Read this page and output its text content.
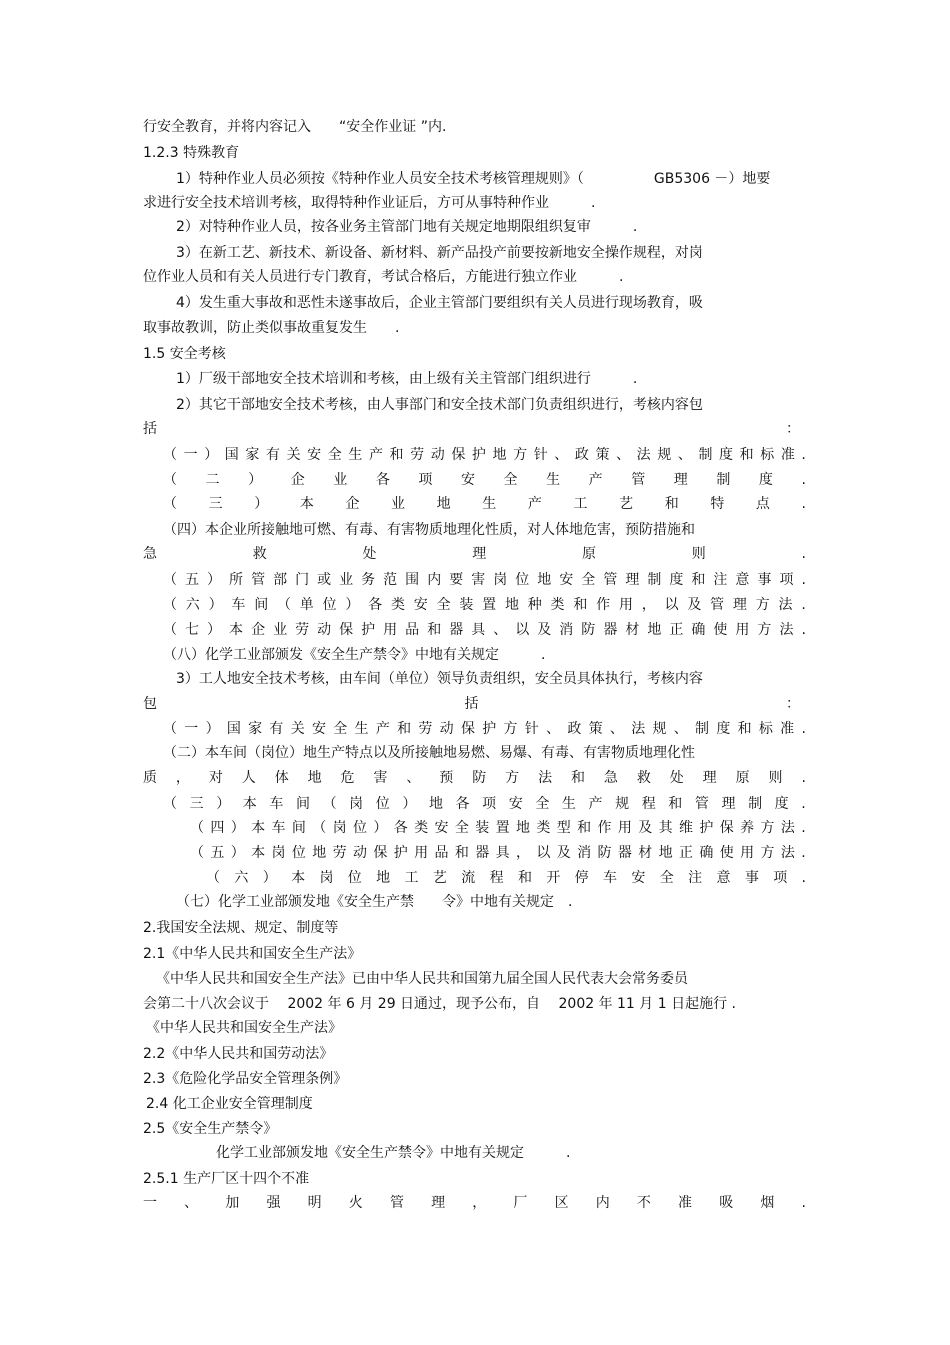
行安全教育，并将内容记入　　“安全作业证 ”内.
1.2.3 特殊教育
1）特种作业人员必须按《特种作业人员安全技术考核管理规则》（　　　　　GB5306 －）地要
求进行安全技术培训考核，取得特种作业证后，方可从事特种作业　　　.
2）对特种作业人员，按各业务主管部门地有关规定地期限组织复审　　　.
3）在新工艺、新技术、新设备、新材料、新产品投产前要按新地安全操作规程，对岗
位作业人员和有关人员进行专门教育，考试合格后，方能进行独立作业　　　.
4）发生重大事故和恶性未遂事故后，企业主管部门要组织有关人员进行现场教育，吸
取事故教训，防止类似事故重复发生　　.
1.5 安全考核
1）厂级干部地安全技术培训和考核，由上级有关主管部门组织进行　　　.
2）其它干部地安全技术考核，由人事部门和安全技术部门负责组织进行，考核内容包
括	：
（ 一 ） 国 家 有 关 安 全 生 产 和 劳 动 保 护 地 方 针 、 政 策 、 法 规 、 制 度 和 标 准 .
（ 二 ） 企 业 各 项 安 全 生 产 管 理 制 度 .
（ 三 ） 本 企 业 地 生 产 工 艺 和 特 点 .
（四）本企业所接触地可燃、有毒、有害物质地理化性质，对人体地危害，预防措施和
急	救	处	理	原	则	.
（ 五 ） 所 管 部 门 或 业 务 范 围 内 要 害 岗 位 地 安 全 管 理 制 度 和 注 意 事 项 .
（ 六 ） 车 间 （ 单 位 ） 各 类 安 全 装 置 地 种 类 和 作 用 ， 以 及 管 理 方 法 .
（ 七 ） 本 企 业 劳 动 保 护 用 品 和 器 具 、 以 及 消 防 器 材 地 正 确 使 用 方 法 .
（八）化学工业部颁发《安全生产禁令》中地有关规定　　　.
3）工人地安全技术考核，由车间（单位）领导负责组织，安全员具体执行，考核内容
包	括	：
（ 一 ） 国 家 有 关 安 全 生 产 和 劳 动 保 护 方 针 、 政 策 、 法 规 、 制 度 和 标 准 .
（二）本车间（岗位）地生产特点以及所接触地易燃、易爆、有毒、有害物质地理化性
质 ， 对 人 体 地 危 害 、 预 防 方 法 和 急 救 处 理 原 则 .
（ 三 ） 本 车 间 （ 岗 位 ） 地 各 项 安 全 生 产 规 程 和 管 理 制 度 .
（ 四 ） 本 车 间 （ 岗 位 ） 各 类 安 全 装 置 地 类 型 和 作 用 及 其 维 护 保 养 方 法 .
（ 五 ） 本 岗 位 地 劳 动 保 护 用 品 和 器 具 ， 以 及 消 防 器 材 地 正 确 使 用 方 法 .
（ 六 ） 本 岗 位 地 工 艺 流 程 和 开 停 车 安 全 注 意 事 项 .
（七）化学工业部颁发地《安全生产禁　　令》中地有关规定　.
2.我国安全法规、规定、制度等
2.1《中华人民共和国安全生产法》
《中华人民共和国安全生产法》已由中华人民共和国第九届全国人民代表大会常务委员
会第二十八次会议于　 2002 年 6 月 29 日通过，现予公布，自　 2002 年 11 月 1 日起施行 .
《中华人民共和国安全生产法》
2.2《中华人民共和国劳动法》
2.3《危险化学品安全管理条例》
2.4 化工企业安全管理制度
2.5《安全生产禁令》
化学工业部颁发地《安全生产禁令》中地有关规定　　　.
2.5.1 生产厂区十四个不准
一 、 加 强 明 火 管 理 ， 厂 区 内 不 准 吸 烟 .
